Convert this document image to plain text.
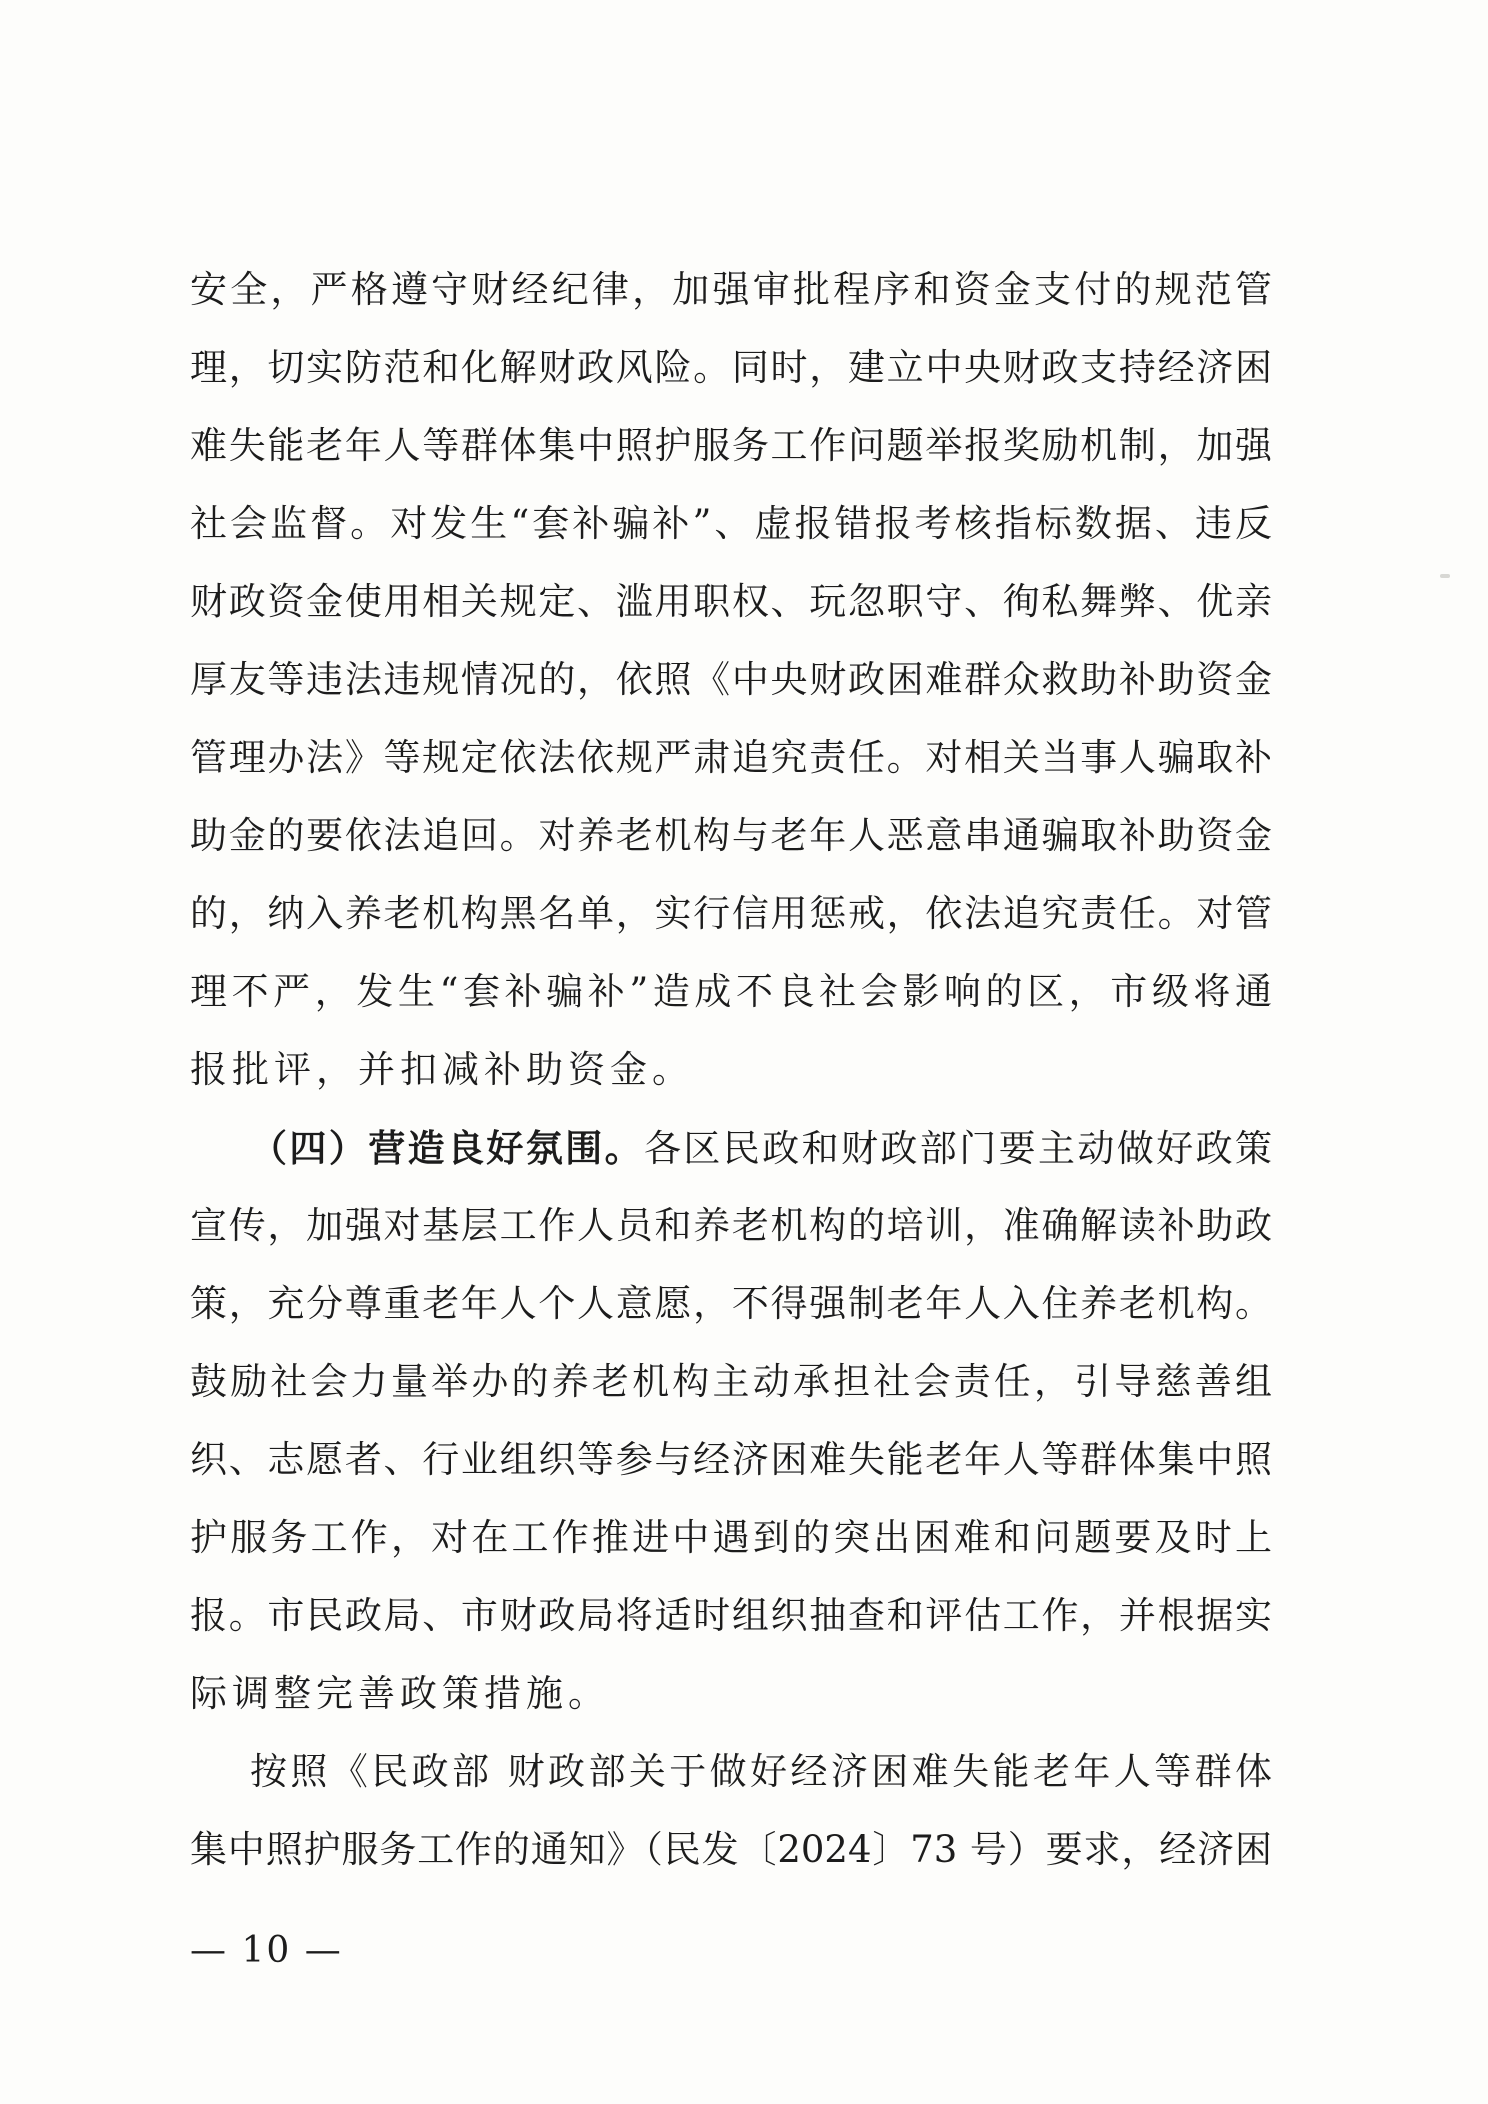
安全，严格遵守财经纪律，加强审批程序和资金支付的规范管
理，切实防范和化解财政风险。同时，建立中央财政支持经济困
难失能老年人等群体集中照护服务工作问题举报奖励机制，加强
社会监督。对发生“套补骗补”、虚报错报考核指标数据、违反
财政资金使用相关规定、滥用职权、玩忽职守、徇私舞弊、优亲
厚友等违法违规情况的，依照《中央财政困难群众救助补助资金
管理办法》等规定依法依规严肃追究责任。对相关当事人骗取补
助金的要依法追回。对养老机构与老年人恶意串通骗取补助资金
的，纳入养老机构黑名单，实行信用惩戒，依法追究责任。对管
理不严，发生“套补骗补”造成不良社会影响的区，市级将通
报批评，并扣减补助资金。
（四）营造良好氛围。各区民政和财政部门要主动做好政策
宣传，加强对基层工作人员和养老机构的培训，准确解读补助政
策，充分尊重老年人个人意愿，不得强制老年人入住养老机构。
鼓励社会力量举办的养老机构主动承担社会责任，引导慈善组
织、志愿者、行业组织等参与经济困难失能老年人等群体集中照
护服务工作，对在工作推进中遇到的突出困难和问题要及时上
报。市民政局、市财政局将适时组织抽查和评估工作，并根据实
际调整完善政策措施。
按照《民政部 财政部关于做好经济困难失能老年人等群体
集中照护服务工作的通知》（民发〔2024〕73 号）要求，经济困
— 10 —
